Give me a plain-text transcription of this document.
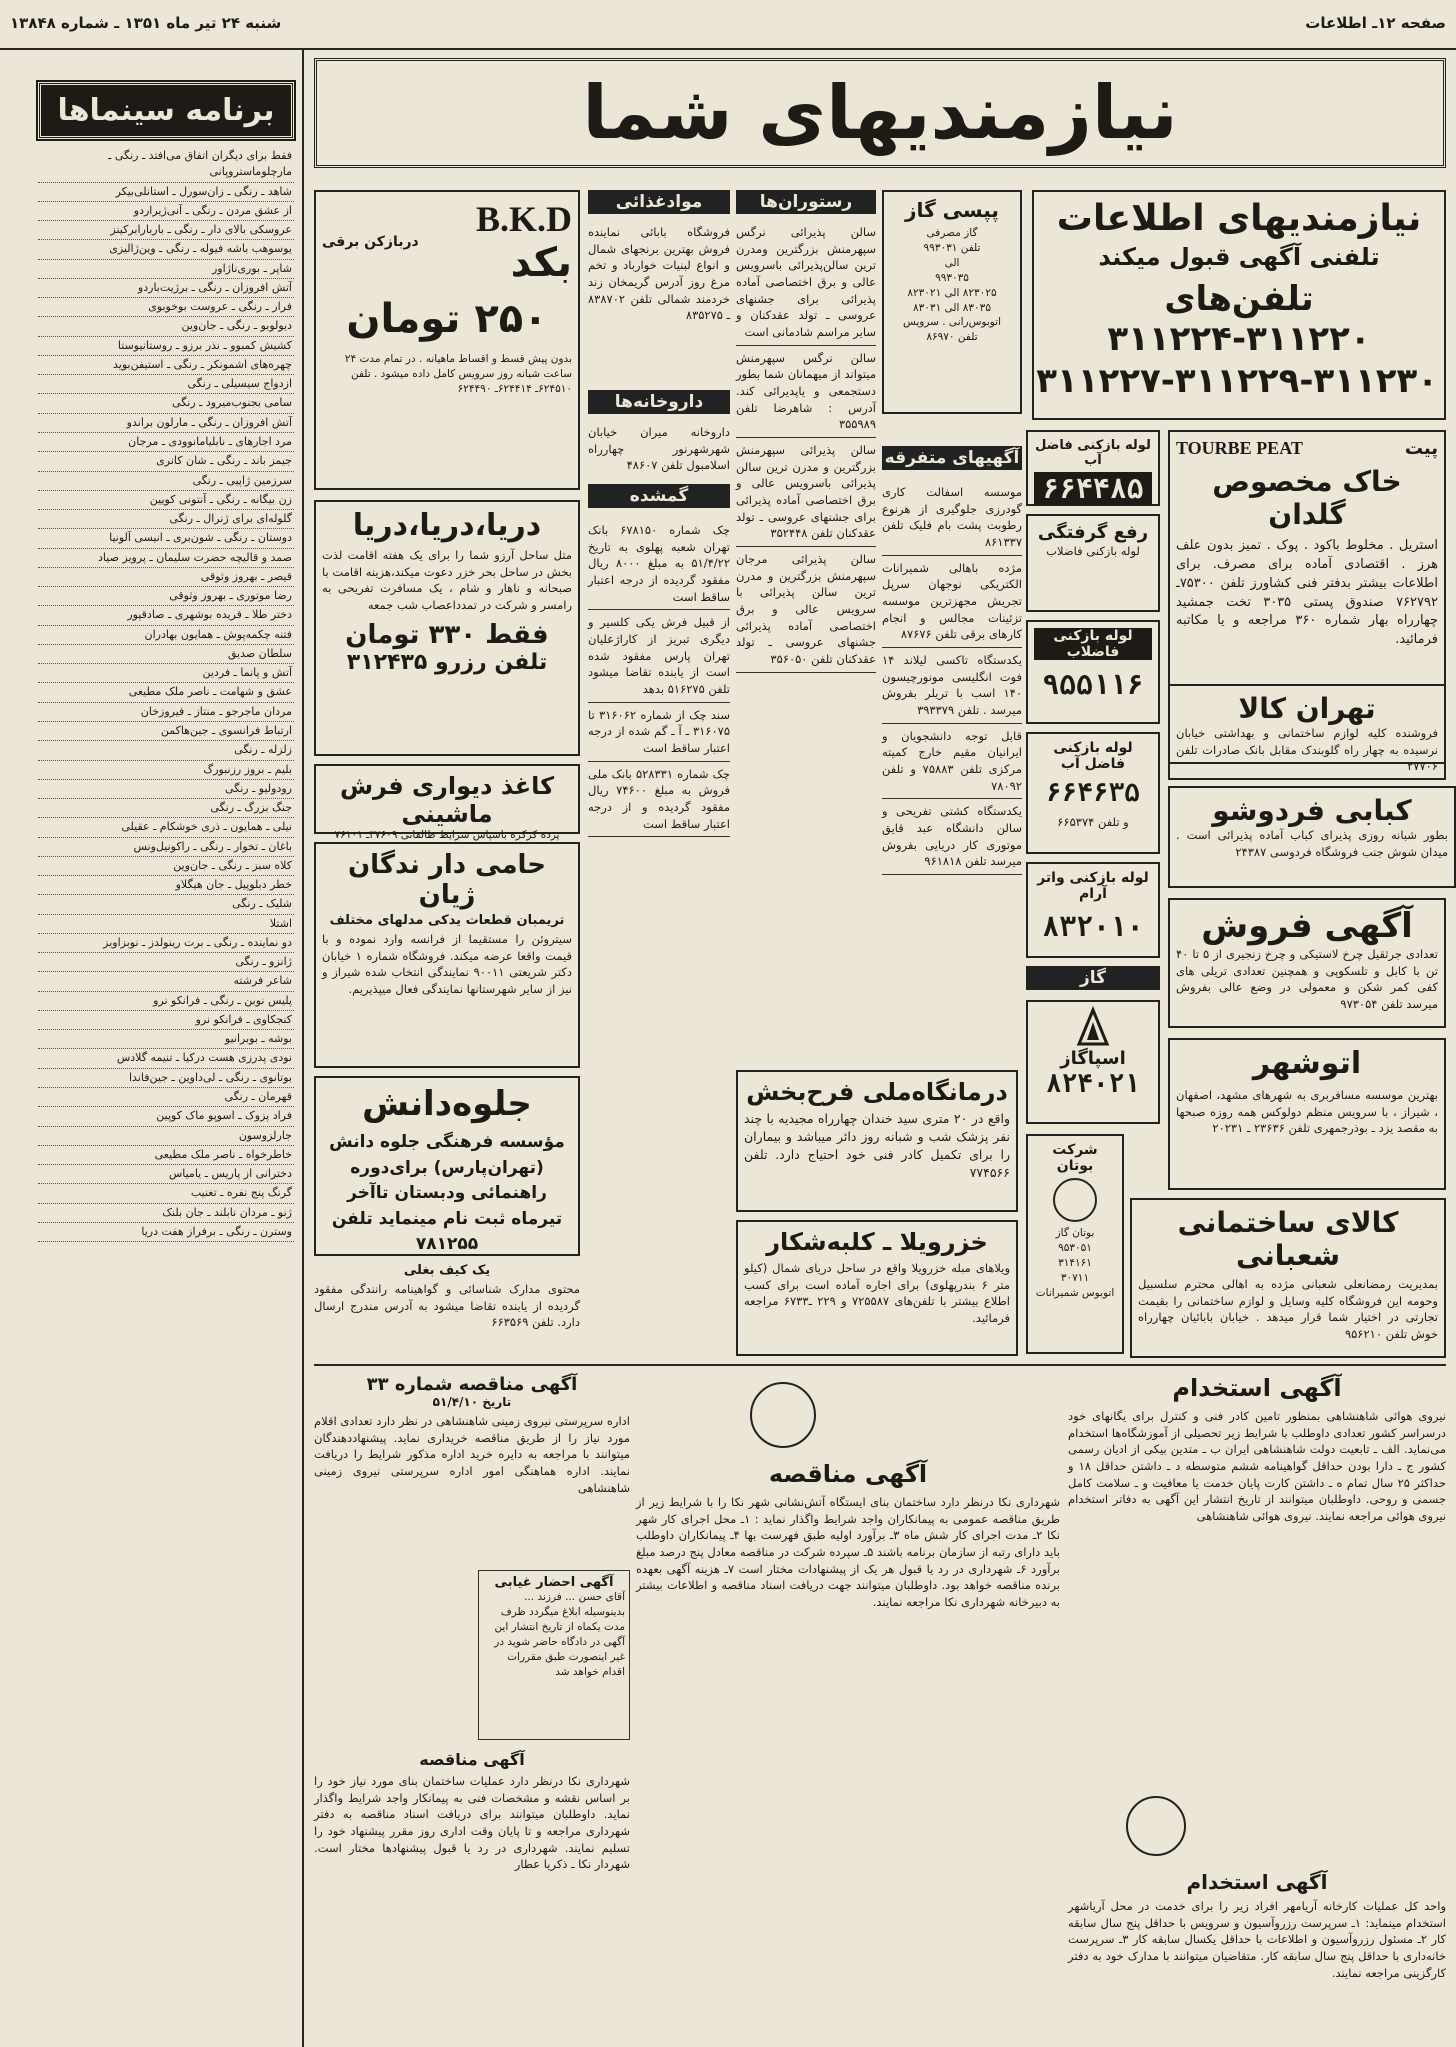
صفحه ۱۲ـ اطلاعات
شنبه ۲۴ تیر ماه ۱۳۵۱ ـ شماره ۱۳۸۴۸
نیازمندیهای شما
برنامه سینماها
فقط برای دیگران اتفاق می‌افتد ـ رنگی ـ مارچلوماستروپانی
شاهد ـ رنگی ـ زان‌سورل ـ استانلی‌بیکر
از عشق مردن ـ رنگی ـ آنی‌ژیراردو
عروسکی بالای دار ـ رنگی ـ باربارابرکینز
یوسوهب باشه فیوله ـ رنگی ـ وین‌ژالیزی
شاپر ـ بوری‌ناژاور
آتش افروزان ـ رنگی ـ برژیت‌باردو
فرار ـ رنگی ـ عروست بوخوبوی
دیولوبو ـ رنگی ـ جان‌وین
کشیش کمبوو ـ نذر برزو ـ روستانیوستا
چهره‌های اشمونکر ـ رنگی ـ استیفن‌بوید
ازدواج سیسیلی ـ رنگی
سامی بجنوب‌میرود ـ رنگی
آتش افروزان ـ رنگی ـ مارلون براندو
مرد اجارهای ـ نابلیامانوودی ـ مرجان
جیمز باند ـ رنگی ـ شان کانری
سرزمین ژاپیی ـ رنگی
زن بیگانه ـ رنگی ـ آنتونی کویین
گلوله‌ای برای ژنرال ـ رنگی
دوستان ـ رنگی ـ شون‌بری ـ انیسی آلونیا
صمد و قالیچه حضرت سلیمان ـ پرویز صیاد
قیصر ـ بهروز وثوقی
رضا موتوری ـ بهروز وثوقی
دختر طلا ـ فریده بوشهری ـ صادقپور
فتنه چکمه‌پوش ـ همایون بهادران
سلطان صدیق
آتش و پانما ـ فردین
عشق و شهامت ـ ناصر ملک مطیعی
مردان ماجرجو ـ منتاز ـ فیروزخان
ارتباط فرانسوی ـ جین‌هاکمن
زلزله ـ رنگی
بلیم ـ بروز رزنبورگ
رودولیو ـ رنگی
جنگ بزرگ ـ رنگی
نیلی ـ همایون ـ ذری خوشکام ـ عقیلی
باغان ـ تخوار ـ رنگی ـ راکونیل‌ونس
کلاه سبز ـ رنگی ـ جان‌وین
خطر دبلوپیل ـ جان هیگلاو
شلیک ـ رنگی
اشتلا
دو نماینده ـ رنگی ـ برت رینولدز ـ نوبزاویز
ژانزو ـ رنگی
شاعر فرشته
پلیس نوبن ـ رنگی ـ فرانکو نرو
کنجکاوی ـ فرانکو نرو
بوشه ـ بوبرانیو
نودی پدرزی هست درکیا ـ تنیمه گلادس
بوتانوی ـ رنگی ـ لی‌داوین ـ جین‌فاندا
قهرمان ـ رنگی
فراد پزوک ـ اسوپو ماک کوپین
جارلزوسون
خاطرخواه ـ ناصر ملک مطیعی
دخترانی از پاریس ـ یامیاس
گرنگ پنج نفره ـ تغنیب
ژنو ـ مردان نابلند ـ جان بلنک
وسترن ـ رنگی ـ برفراز هفت دریا
نیازمندیهای اطلاعات
تلفنی آگهی قبول میکند
تلفن‌های ۳۱۱۲۲۰-۳۱۱۲۲۴
۳۱۱۲۲۷-۳۱۱۲۲۹-۳۱۱۲۳۰
پیت
TOURBE PEAT
خاک مخصوص گلدان
استریل . مخلوط باکود . پوک . تمیز بدون علف هرز . اقتصادی آماده برای مصرف. برای اطلاعات بیشتر بدفتر فنی کشاورز تلفن ۷۵۳۰۰ـ ۷۶۲۷۹۲ صندوق پستی ۳۰۳۵ تخت جمشید چهارراه بهار شماره ۳۶۰ مراجعه و یا مکاتبه فرمائید.
تهران کالا
فروشنده کلیه لوازم ساختمانی و بهداشتی خیابان نرسیده به چهار راه گلوبندک مقابل بانک صادرات تلفن ۲۷۷۰۶
کبابی فردوشو
بطور شبانه روزی پذیرای کباب آماده پذیرائی است . میدان شوش جنب فروشگاه فردوسی ۲۴۳۸۷
آگهی فروش
تعدادی جرثقیل چرخ لاستیکی و چرخ زنجیری از ۵ تا ۴۰ تن با کابل و تلسکوپی و همچنین تعدادی تریلی های کفی کمر شکن و معمولی در وضع عالی بفروش میرسد تلفن ۹۷۳۰۵۴
اتوشهر
بهترین موسسه مسافربری به شهرهای مشهد، اصفهان ، شیراز ، با سرویس منظم دولوکس همه روزه صبحها به مقصد یزد ـ بوذرجمهری تلفن ۲۳۶۳۶ ـ ۲۰۲۳۱
کالای ساختمانی شعبانی
بمدیریت رمضانعلی شعبانی مژده به اهالی محترم سلسبیل وحومه این فروشگاه کلیه وسایل و لوازم ساختمانی را بقیمت تجارتی در اختیار شما قرار میدهد . خیابان بابائیان چهارراه خوش تلفن ۹۵۶۲۱۰
لوله بازکنی فاضل آب
۶۶۴۴۸۵
رفع گرفتگی
لوله بازکنی فاضلاب
لوله بازکنی فاضلاب
۹۵۵۱۱۶
لوله بازکنی فاضل آب
۶۶۴۶۳۵
و تلفن ۶۶۵۳۷۴
لوله بازکنی واتر آرام
۸۳۲۰۱۰
گاز
اسپاگاز
۸۲۴۰۲۱
شرکت بوتان
بوتان گاز
۹۵۳۰۵۱
۳۱۴۱۶۱
۳۰۷۱۱
اتوبوس شمیرانات
پپسی گاز
گاز مصرفی
تلفن ۹۹۳۰۳۱
الی
۹۹۳۰۳۵
۸۲۳۰۲۵ الی ۸۲۳۰۲۱
۸۳۰۳۵ الی ۸۳۰۳۱
اتوبوس‌رانی . سرویس
تلفن ۸۶۹۷۰
رستوران‌ها
سالن پذیرائی نرگس سپهرمنش بزرگترین ومدرن ترین سالن‌پذیرائی باسرویس عالی و برق اختصاصی آماده پذیرائی برای جشنهای عروسی ـ تولد عقدکنان و سایر مراسم شادمانی است
سالن نرگس سپهرمنش میتواند از میهمانان شما بطور دستجمعی و یاپدیرائی کند. آدرس : شاهرضا تلفن ۳۵۵۹۸۹
سالن پذیرائی سپهرمنش بزرگترین و مدرن ترین سالن پذیرائی باسرویس عالی و برق اختصاصی آماده پذیرائی برای جشنهای عروسی ـ تولد عقدکنان تلفن ۳۵۲۴۴۸
سالن پذیرائی مرجان سپهرمنش بزرگترین و مدرن ترین سالن پذیرائی با سرویس عالی و برق اختصاصی آماده پذیرائی جشنهای عروسی ـ تولد عقدکنان تلفن ۳۵۶۰۵۰
آگهیهای متفرقه
موسسه اسفالت کاری گودرزی جلوگیری از هرنوع رطوبت پشت بام فلیک تلفن ۸۶۱۳۳۷
مژده باهالی شمیرانات الکتریکی نوجهان سرپل تجریش مجهزترین موسسه تزئینات مجالس و انجام کارهای برقی تلفن ۸۷۶۷۶
یکدستگاه تاکسی لیلاند ۱۴ فوت انگلیسی مونورچیسون ۱۴۰ اسب با تریلر بفروش میرسد . تلفن ۳۹۳۳۷۹
قابل توجه دانشجویان و ایرانیان مقیم خارج کمیته مرکزی تلفن ۷۵۸۸۳ و تلفن ۷۸۰۹۲
یکدستگاه کشتی تفریحی و سالن دانشگاه عبد قایق موتوری کار دریایی بفروش میرسد تلفن ۹۶۱۸۱۸
موادغذائی
فروشگاه بابائی نماینده فروش بهترین برنجهای شمال و انواع لبنیات خوارباد و تخم مرغ روز آدرس گریمخان زند خردمند شمالی تلفن ۸۳۸۷۰۲ ـ ۸۳۵۲۷۵
داروخانه‌ها
داروخانه میران خیابان شهرشهرنور چهارراه اسلامبول تلفن ۴۸۶۰۷
گمشده
چک شماره ۶۷۸۱۵۰ بانک تهران شعبه پهلوی به تاریخ ۵۱/۴/۲۲ به مبلغ ۸۰۰۰ ریال مفقود گردیده از درجه اعتبار ساقط است
از قبیل فرش یکی کلسیر و دیگری تبریز از کاراژعلیان تهران پارس مفقود شده است از یابنده تقاضا میشود تلفن ۵۱۶۲۷۵ بدهد
سند چک از شماره ۳۱۶۰۶۲ تا ۳۱۶۰۷۵ ـ آ ـ گم شده از درجه اعتبار ساقط است
چک شماره ۵۲۸۳۳۱ بانک ملی فروش به مبلغ ۷۴۶۰۰ ریال مفقود گردیده و از درجه اعتبار ساقط است
B.K.D
بکد
دربازکن برقی
۲۵۰ تومان
بدون پیش قسط و اقساط ماهیانه . در تمام مدت ۲۴ ساعت شبانه روز سرویس کامل داده میشود . تلفن ۶۲۴۵۱۰ـ ۶۲۴۴۱۴ـ ۶۲۴۴۹۰
دریا،دریا،دریا
متل ساحل آرزو شما را برای یک هفته اقامت لذت بخش در ساحل بحر خزر دعوت میکند،هزینه اقامت با صبحانه و ناهار و شام ، یک مسافرت تفریحی به رامسر و شرکت در تمدداعصاب شب جمعه
فقط ۳۳۰ تومان
تلفن رزرو ۳۱۲۴۳۵
کاغذ دیواری فرش ماشینی
پرده کرکره باسپاس شرایط طالقانی ۳۷۶۰۹ـ ۷۶۱۰۱
حامی دار ندگان ژیان
تریمبان قطعات یدکی مدلهای مختلف
سیتروئن را مستقیما از فرانسه وارد نموده و با قیمت واقعا عرضه میکند. فروشگاه شماره ۱ خیابان دکتر شریعتی ۹۰۰۱۱ نمایندگی انتخاب شده شیراز و نیز از سایر شهرستانها نمایندگی فعال میپذیریم.
جلوه‌دانش
مؤسسه فرهنگی جلوه دانش (تهران‌پارس) برای‌دوره راهنمائی ودبستان تاآخر تیرماه ثبت نام مینماید تلفن ۷۸۱۲۵۵
درمانگاه‌ملی فرح‌بخش
واقع در ۲۰ متری سید خندان چهارراه مجیدیه با چند نفر پزشک شب و شبانه روز دائر میباشد و بیماران را برای تکمیل کادر فنی خود احتیاج دارد. تلفن ۷۷۴۵۶۶
خزرویلا ـ کلبه‌شکار
ویلاهای مبله خزرویلا واقع در ساحل دریای شمال (کیلو متر ۶ بندرپهلوی) برای اجاره آماده است برای کسب اطلاع بیشتر با تلفن‌های ۷۲۵۵۸۷ و ۲۲۹ ـ۶۷۳۳ مراجعه فرمائید.
یک کیف بغلی
محتوی مدارک شناسائی و گواهینامه رانندگی مفقود گردیده از یابنده تقاضا میشود به آدرس مندرج ارسال دارد. تلفن ۶۶۳۵۶۹
آگهی استخدام
نیروی هوائی شاهنشاهی بمنظور تامین کادر فنی و کنترل برای یگانهای خود درسراسر کشور تعدادی داوطلب با شرایط زیر تحصیلی از آموزشگاه‌ها استخدام می‌نماید. الف ـ تابعیت دولت شاهنشاهی ایران ب ـ متدین بیکی از ادیان رسمی کشور ج ـ دارا بودن حداقل گواهینامه ششم متوسطه د ـ داشتن حداقل ۱۸ و حداکثر ۲۵ سال تمام ه ـ داشتن کارت پایان خدمت یا معافیت و ـ سلامت کامل جسمی و روحی. داوطلبان میتوانند از تاریخ انتشار این آگهی به دفاتر استخدام نیروی هوائی مراجعه نمایند. نیروی هوائی شاهنشاهی
آگهی استخدام
واحد کل عملیات کارخانه آریامهر افراد زیر را برای خدمت در محل آریاشهر استخدام مینماید: ۱ـ سرپرست رزروآسیون و سرویس با حداقل پنج سال سابقه کار ۲ـ مسئول رزروآسیون و اطلاعات با حداقل یکسال سابقه کار ۳ـ سرپرست خانه‌داری با حداقل پنج سال سابقه کار. متقاضیان میتوانند با مدارک خود به دفتر کارگزینی مراجعه نمایند.
آگهی مناقصه
شهرداری نکا درنظر دارد ساختمان بنای ایستگاه آتش‌نشانی شهر نکا را با شرایط زیر از طریق مناقصه عمومی به پیمانکاران واجد شرایط واگذار نماید : ۱ـ محل اجرای کار شهر نکا ۲ـ مدت اجرای کار شش ماه ۳ـ برآورد اولیه طبق فهرست بها ۴ـ پیمانکاران داوطلب باید دارای رتبه از سازمان برنامه باشند ۵ـ سپرده شرکت در مناقصه معادل پنج درصد مبلغ برآورد ۶ـ شهرداری در رد یا قبول هر یک از پیشنهادات مختار است ۷ـ هزینه آگهی بعهده برنده مناقصه خواهد بود. داوطلبان میتوانند جهت دریافت اسناد مناقصه و اطلاعات بیشتر به دبیرخانه شهرداری نکا مراجعه نمایند.
آگهی مناقصه شماره ۳۳
تاریخ ۵۱/۴/۱۰
اداره سرپرستی نیروی زمینی شاهنشاهی در نظر دارد تعدادی اقلام مورد نیاز را از طریق مناقصه خریداری نماید. پیشنهاددهندگان میتوانند با مراجعه به دایره خرید اداره مذکور شرایط را دریافت نمایند. اداره هماهنگی امور اداره سرپرستی نیروی زمینی شاهنشاهی
آگهی احضار غیابی
آقای حسن ... فرزند ... بدینوسیله ابلاغ میگردد ظرف مدت یکماه از تاریخ انتشار این آگهی در دادگاه حاضر شوید در غیر اینصورت طبق مقررات اقدام خواهد شد
آگهی مناقصه
شهرداری نکا درنظر دارد عملیات ساختمان بنای مورد نیاز خود را بر اساس نقشه و مشخصات فنی به پیمانکار واجد شرایط واگذار نماید. داوطلبان میتوانند برای دریافت اسناد مناقصه به دفتر شهرداری مراجعه و تا پایان وقت اداری روز مقرر پیشنهاد خود را تسلیم نمایند. شهرداری در رد یا قبول پیشنهادها مختار است. شهردار نکا ـ ذکریا عطار
